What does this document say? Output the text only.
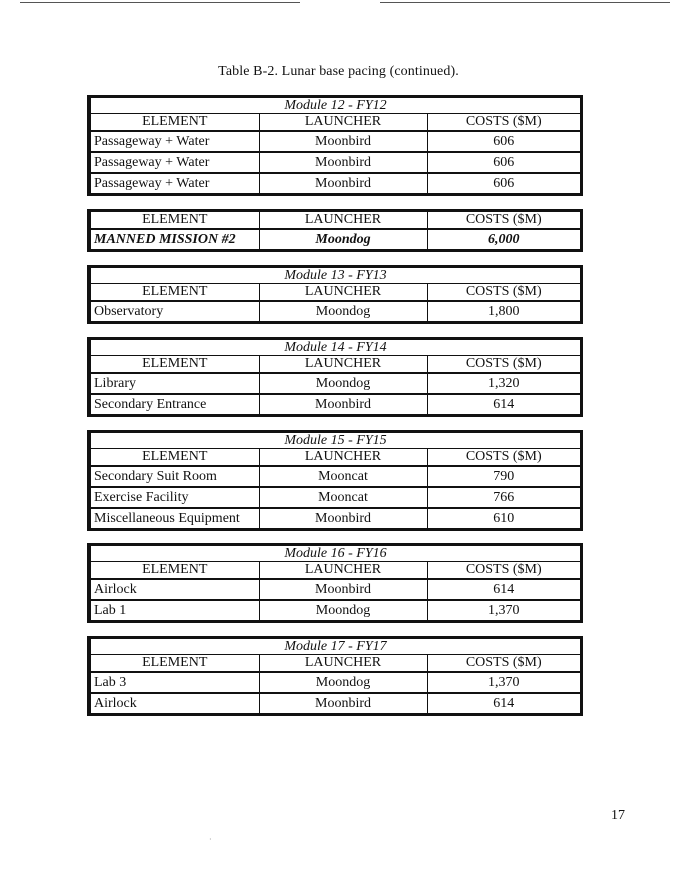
Table B-2. Lunar base pacing (continued).
Module 12 - FY12		
ELEMENT	LAUNCHER	COSTS ($M)
Passageway + Water	Moonbird	606
Passageway + Water	Moonbird	606
Passageway + Water	Moonbird	606
ELEMENT	LAUNCHER	COSTS ($M)
MANNED MISSION #2	Moondog	6,000
Module 13 - FY13		
ELEMENT	LAUNCHER	COSTS ($M)
Observatory	Moondog	1,800
Module 14 - FY14		
ELEMENT	LAUNCHER	COSTS ($M)
Library	Moondog	1,320
Secondary Entrance	Moonbird	614
Module 15 - FY15		
ELEMENT	LAUNCHER	COSTS ($M)
Secondary Suit Room	Mooncat	790
Exercise Facility	Mooncat	766
Miscellaneous Equipment	Moonbird	610
Module 16 - FY16		
ELEMENT	LAUNCHER	COSTS ($M)
Airlock	Moonbird	614
Lab 1	Moondog	1,370
Module 17 - FY17		
ELEMENT	LAUNCHER	COSTS ($M)
Lab 3	Moondog	1,370
Airlock	Moonbird	614
17
·
